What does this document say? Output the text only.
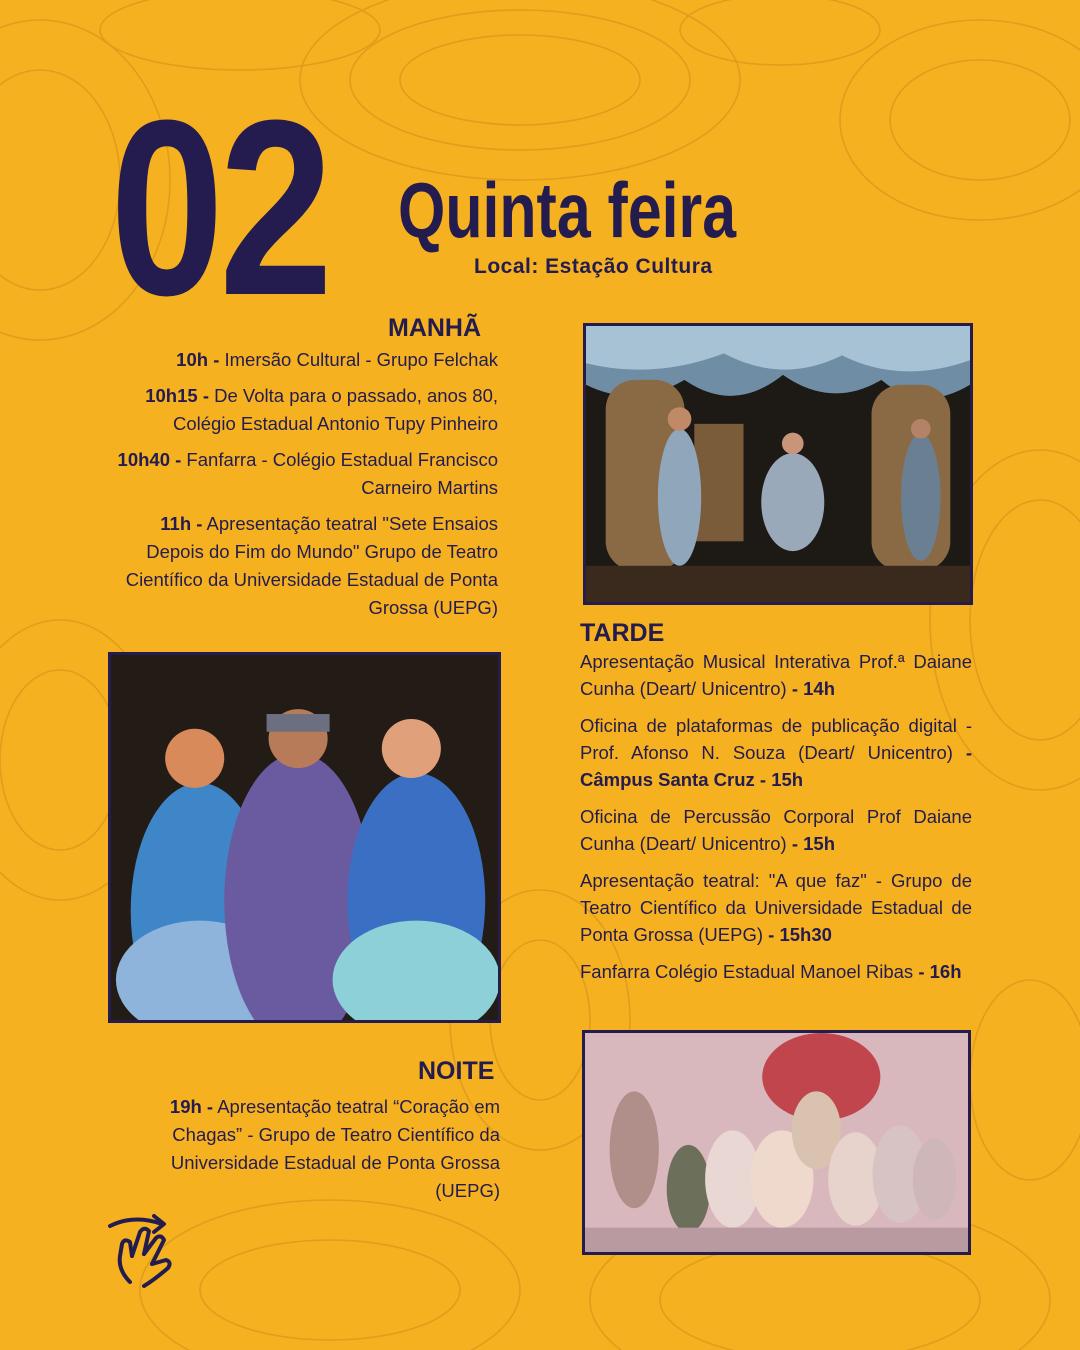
02 Quinta feira
Local: Estação Cultura
MANHÃ
10h - Imersão Cultural - Grupo Felchak
10h15 - De Volta para o passado, anos 80, Colégio Estadual Antonio Tupy Pinheiro
10h40 - Fanfarra - Colégio Estadual Francisco Carneiro Martins
11h - Apresentação teatral "Sete Ensaios Depois do Fim do Mundo" Grupo de Teatro Científico da Universidade Estadual de Ponta Grossa (UEPG)
TARDE
Apresentação Musical Interativa Prof.ª Daiane Cunha (Deart/ Unicentro) - 14h
Oficina de plataformas de publicação digital - Prof. Afonso N. Souza (Deart/ Unicentro) - Câmpus Santa Cruz - 15h
Oficina de Percussão Corporal Prof Daiane Cunha (Deart/ Unicentro) - 15h
Apresentação teatral: "A que faz" - Grupo de Teatro Científico da Universidade Estadual de Ponta Grossa (UEPG) - 15h30
Fanfarra Colégio Estadual Manoel Ribas - 16h
NOITE
19h - Apresentação teatral “Coração em Chagas” - Grupo de Teatro Científico da Universidade Estadual de Ponta Grossa (UEPG)
